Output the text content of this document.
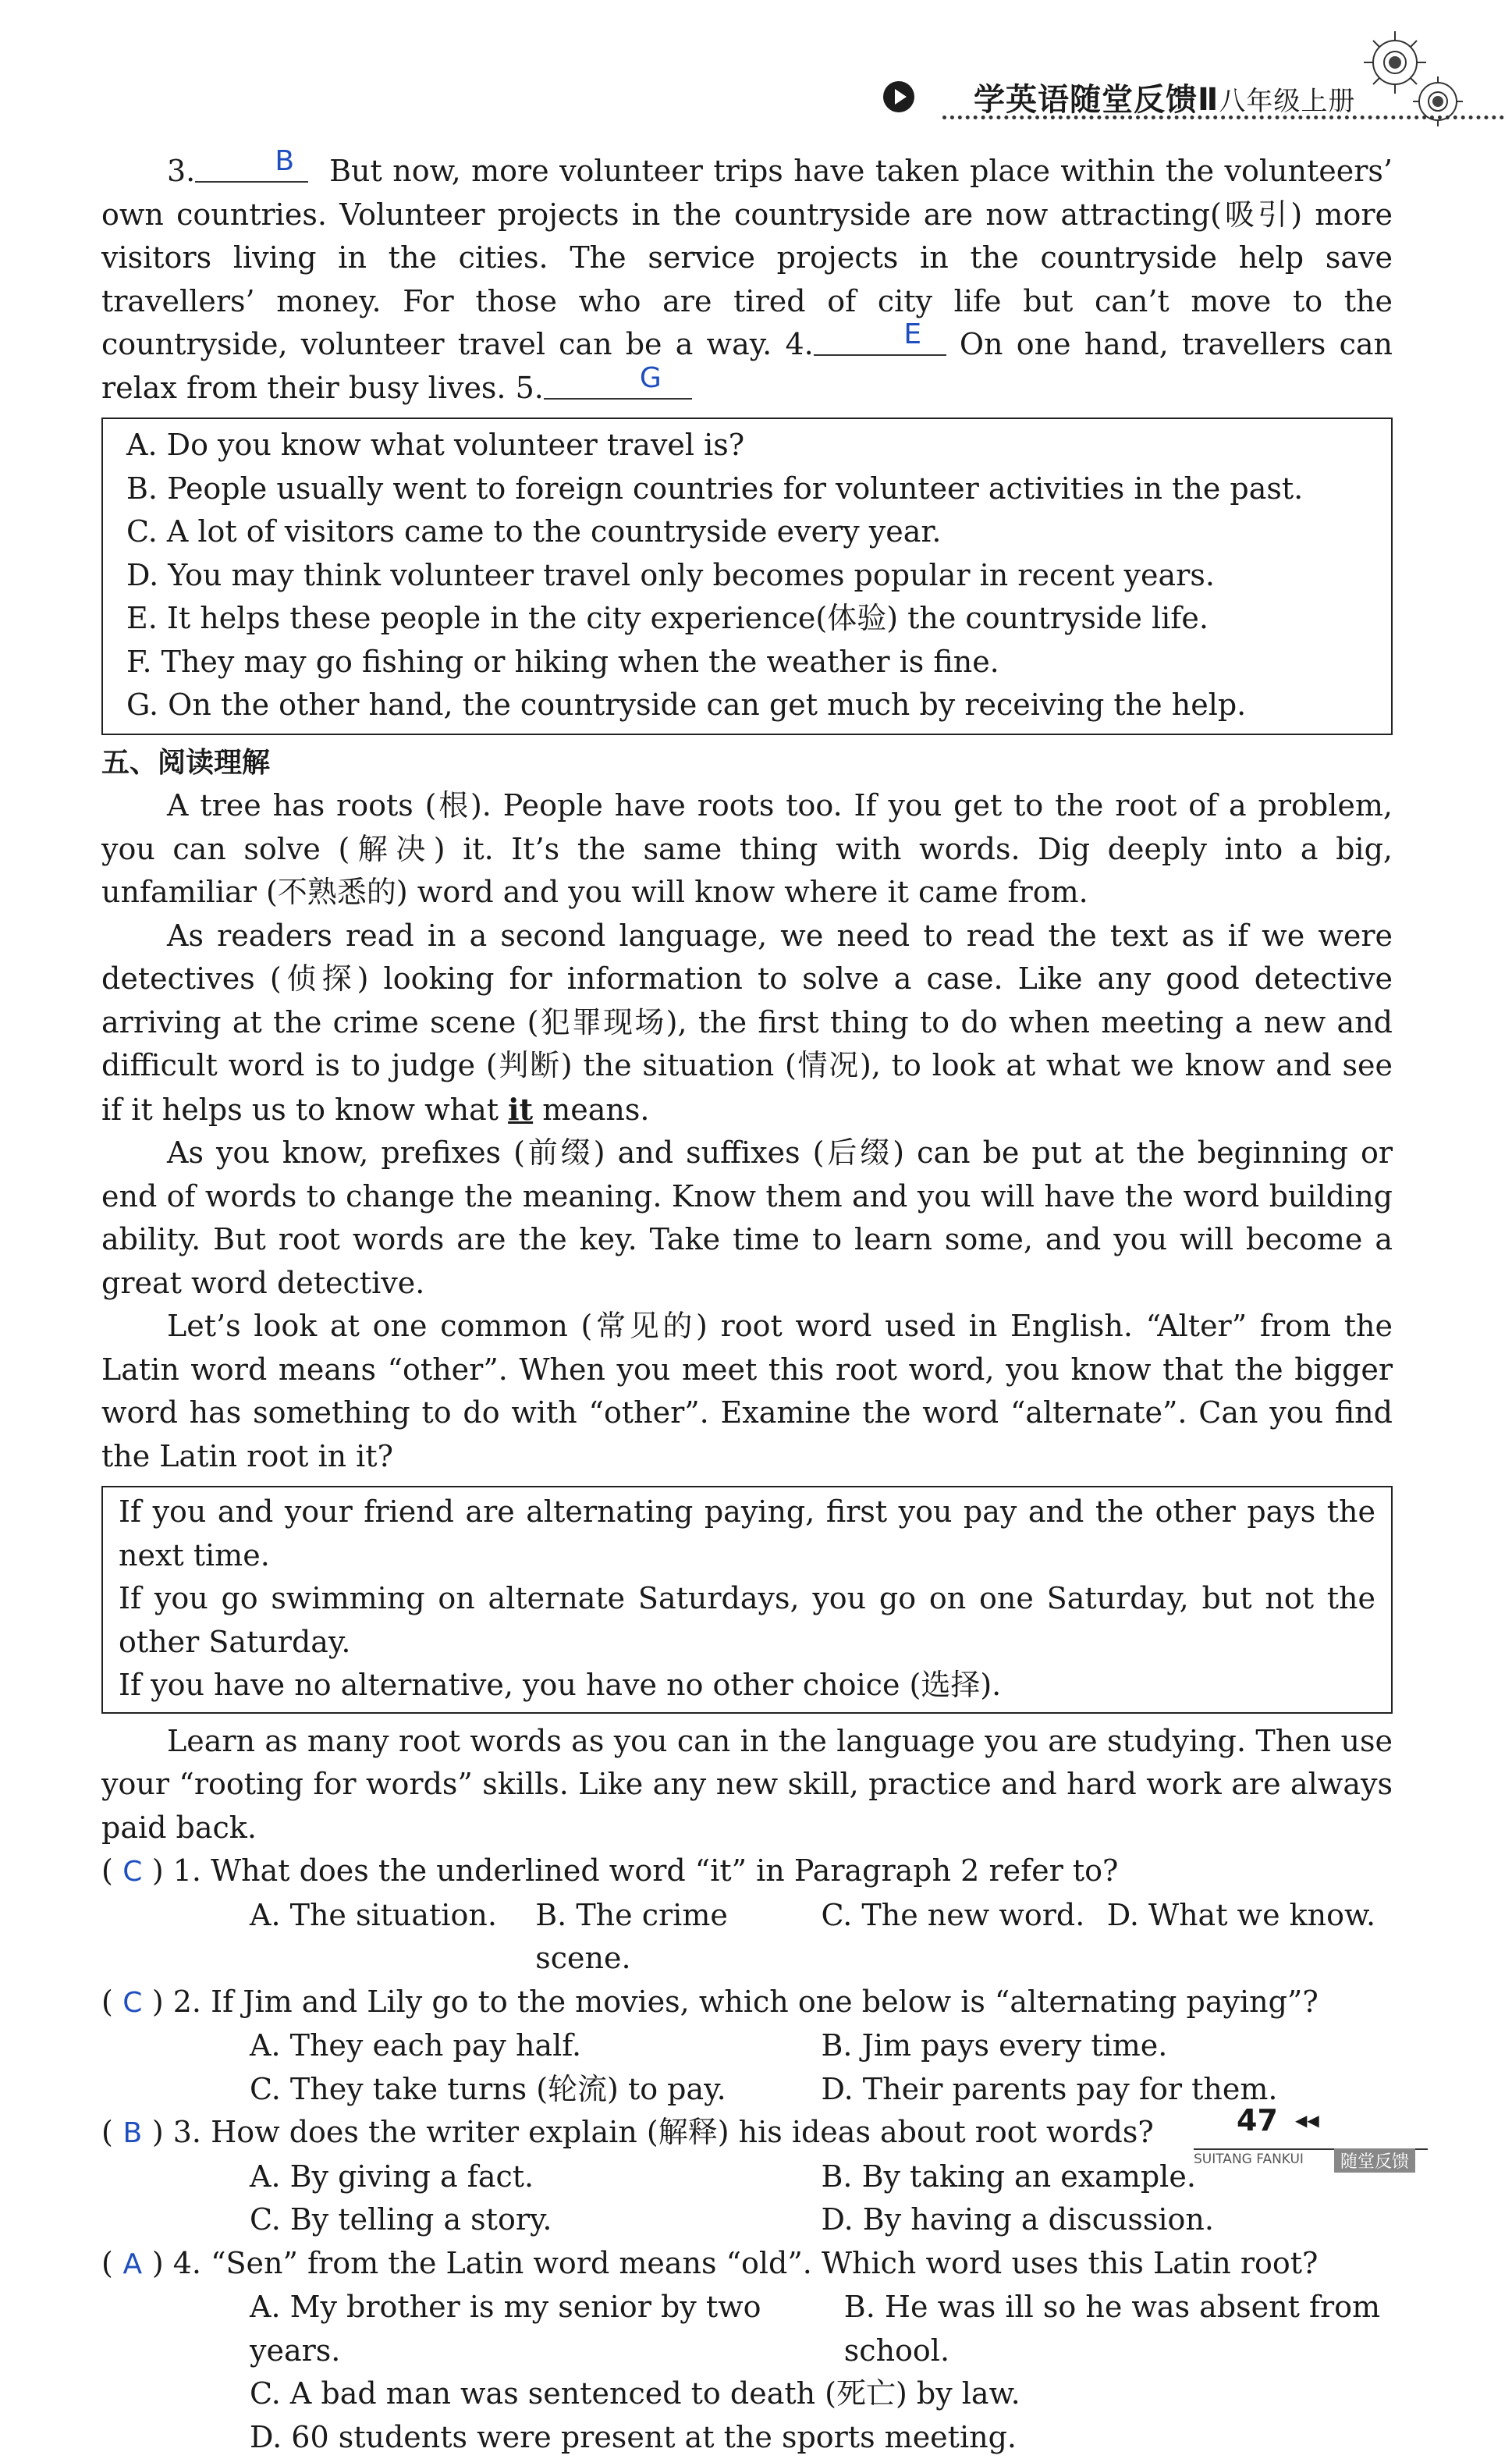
学英语随堂反馈Ⅱ八年级上册

3.	B But now, more volunteer trips have taken place within the volunteers’ own countries. Volunteer projects in the countryside are now attracting(吸引) more visitors living in the cities. The service projects in the countryside help save travellers’ money. For those who are tired of city life but can’t move to the countryside, volunteer travel can be a way. 4.	E On one hand, travellers can relax from their busy lives. 5.	G

A. Do you know what volunteer travel is?

B. People usually went to foreign countries for volunteer activities in the past.

C. A lot of visitors came to the countryside every year.

D. You may think volunteer travel only becomes popular in recent years.

E. It helps these people in the city experience(体验) the countryside life.

F. They may go fishing or hiking when the weather is fine.

G. On the other hand, the countryside can get much by receiving the help.

五、阅读理解

A tree has roots (根). People have roots too. If you get to the root of a problem, you can solve (解决) it. It’s the same thing with words. Dig deeply into a big, unfamiliar (不熟悉的) word and you will know where it came from.

As readers read in a second language, we need to read the text as if we were detectives (侦探) looking for information to solve a case. Like any good detective arriving at the crime scene (犯罪现场), the first thing to do when meeting a new and difficult word is to judge (判断) the situation (情况), to look at what we know and see if it helps us to know what it means.

As you know, prefixes (前缀) and suffixes (后缀) can be put at the beginning or end of words to change the meaning. Know them and you will have the word building ability. But root words are the key. Take time to learn some, and you will become a great word detective.

Let’s look at one common (常见的) root word used in English. “Alter” from the Latin word means “other”. When you meet this root word, you know that the bigger word has something to do with “other”. Examine the word “alternate”. Can you find the Latin root in it?

If you and your friend are alternating paying, first you pay and the other pays the next time.

If you go swimming on alternate Saturdays, you go on one Saturday, but not the other Saturday.

If you have no alternative, you have no other choice (选择).

Learn as many root words as you can in the language you are studying. Then use your “rooting for words” skills. Like any new skill, practice and hard work are always paid back.

( C ) 1. What does the underlined word “it” in Paragraph 2 refer to?

A. The situation.	B. The crime scene.
C. The new word. D. What we know.

( C ) 2. If Jim and Lily go to the movies, which one below is “alternating paying”?

A. They each pay half.	B. Jim pays every time.
C. They take turns (轮流) to pay.	D. Their parents pay for them.

( B ) 3. How does the writer explain (解释) his ideas about root words?

A. By giving a fact.	B. By taking an example.
C. By telling a story.	D. By having a discussion.

( A ) 4. “Sen” from the Latin word means “old”. Which word uses this Latin root?

A. My brother is my senior by two years.
B. He was ill so he was absent from school.
C. A bad man was sentenced to death (死亡) by law.
D. 60 students were present at the sports meeting.
47 ◀◀
SUITANG FANKUI	随堂反馈
